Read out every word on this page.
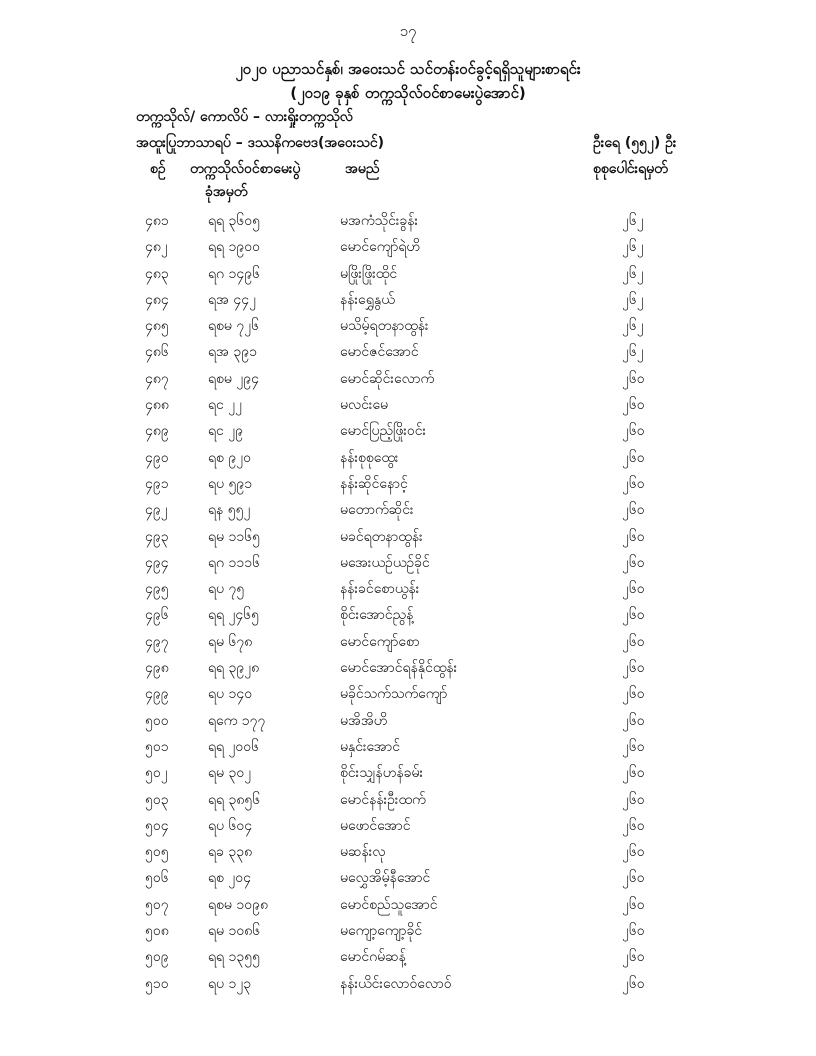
၁၇
၂၀၂၀ ပညာသင်နှစ်၊ အဝေးသင် သင်တန်းဝင်ခွင့်ရရှိသူများစာရင်း
(၂၀၁၉ ခုနှစ် တက္ကသိုလ်ဝင်စာမေးပွဲအောင်)
တက္ကသိုလ်/ ကောလိပ် – လားရှိုးတက္ကသိုလ်
အထူးပြုဘာသာရပ် – ဒဿနိကဗေဒ(အဝေးသင်)	ဦးရေ (၅၅၂) ဦး
စဉ် တက္ကသိုလ်ဝင်စာမေးပွဲ
ခုံအမှတ်
အမည်	စုစုပေါင်းရမှတ်
၄၈၁	ရရ ၃၆၀၅	မအကံသိုင်းခွန်း	၂၆၂
၄၈၂	ရရ ၁၉၀၀	မောင်ကျော်ရဲဟိ	၂၆၂
၄၈၃	ရဂ ၁၄၉၆	မဖြိုးဖြိုးထိုင်	၂၆၂
၄၈၄	ရအ ၄၄၂	နန်းရွှေနွယ်	၂၆၂
၄၈၅	ရစမ ၇၂၆	မသိမ့်ရတနာထွန်း	၂၆၂
၄၈၆	ရအ ၃၉၁	မောင်ဇင်အောင်	၂၆၂
၄၈၇	ရစမ ၂၉၄	မောင်ဆိုင်းလောက်	၂၆၀
၄၈၈	ရင ၂၂	မလင်းမေ	၂၆၀
၄၈၉	ရင ၂၉	မောင်ပြည့်ဖြိုးဝင်း	၂၆၀
၄၉၀	ရစ ၉၂၀	နန်းစုစုထွေး	၂၆၀
၄၉၁	ရပ ၅၉၁	နန်းဆိုင်နောင့်	၂၆၀
၄၉၂	ရန ၅၅၂	မတောက်ဆိုင်း	၂၆၀
၄၉၃	ရမ ၁၁၆၅	မခင်ရတနာထွန်း	၂၆၀
၄၉၄	ရဂ ၁၁၁၆	မအေးယဉ်ယဉ်ခိုင်	၂၆၀
၄၉၅	ရပ ၇၅	နန်းခင်စောယွန်း	၂၆၀
၄၉၆	ရရ ၂၄၆၅	စိုင်းအောင်ညွန့်	၂၆၀
၄၉၇	ရမ ၆၇၈	မောင်ကျော်စော	၂၆၀
၄၉၈	ရရ ၃၉၂၈	မောင်အောင်ရန်နိုင်ထွန်း	၂၆၀
၄၉၉	ရပ ၁၄၀	မခိုင်သက်သက်ကျော်	၂၆၀
၅၀၀	ရကေ ၁၇၇	မအိအိဟိ	၂၆၀
၅၀၁	ရရ ၂၀၀၆	မနှင်းအောင်	၂၆၀
၅၀၂	ရမ ၃၀၂	စိုင်းသျှန်ဟန်ခမ်း	၂၆၀
၅၀၃	ရရ ၃၈၅၆	မောင်နန်းဦးထက်	၂၆၀
၅၀၄	ရပ ၆၀၄	မဖောင်အောင်	၂၆၀
၅၀၅	ရခ ၃၃၈	မဆန်းလု	၂၆၀
၅၀၆	ရစ ၂၀၄	မလွှေအိမ့်နီအောင်	၂၆၀
၅၀၇	ရစမ ၁၀၉၈	မောင်စည်သူအောင်	၂၆၀
၅၀၈	ရမ ၁၀၈၆	မကျော့ကျော့ခိုင်	၂၆၀
၅၀၉	ရရ ၁၃၅၅	မောင်ဂမ်ဆန့်	၂၆၀
၅၁၀	ရပ ၁၂၃	နန်းယိင်းလောဝ်လောဝ်	၂၆၀
